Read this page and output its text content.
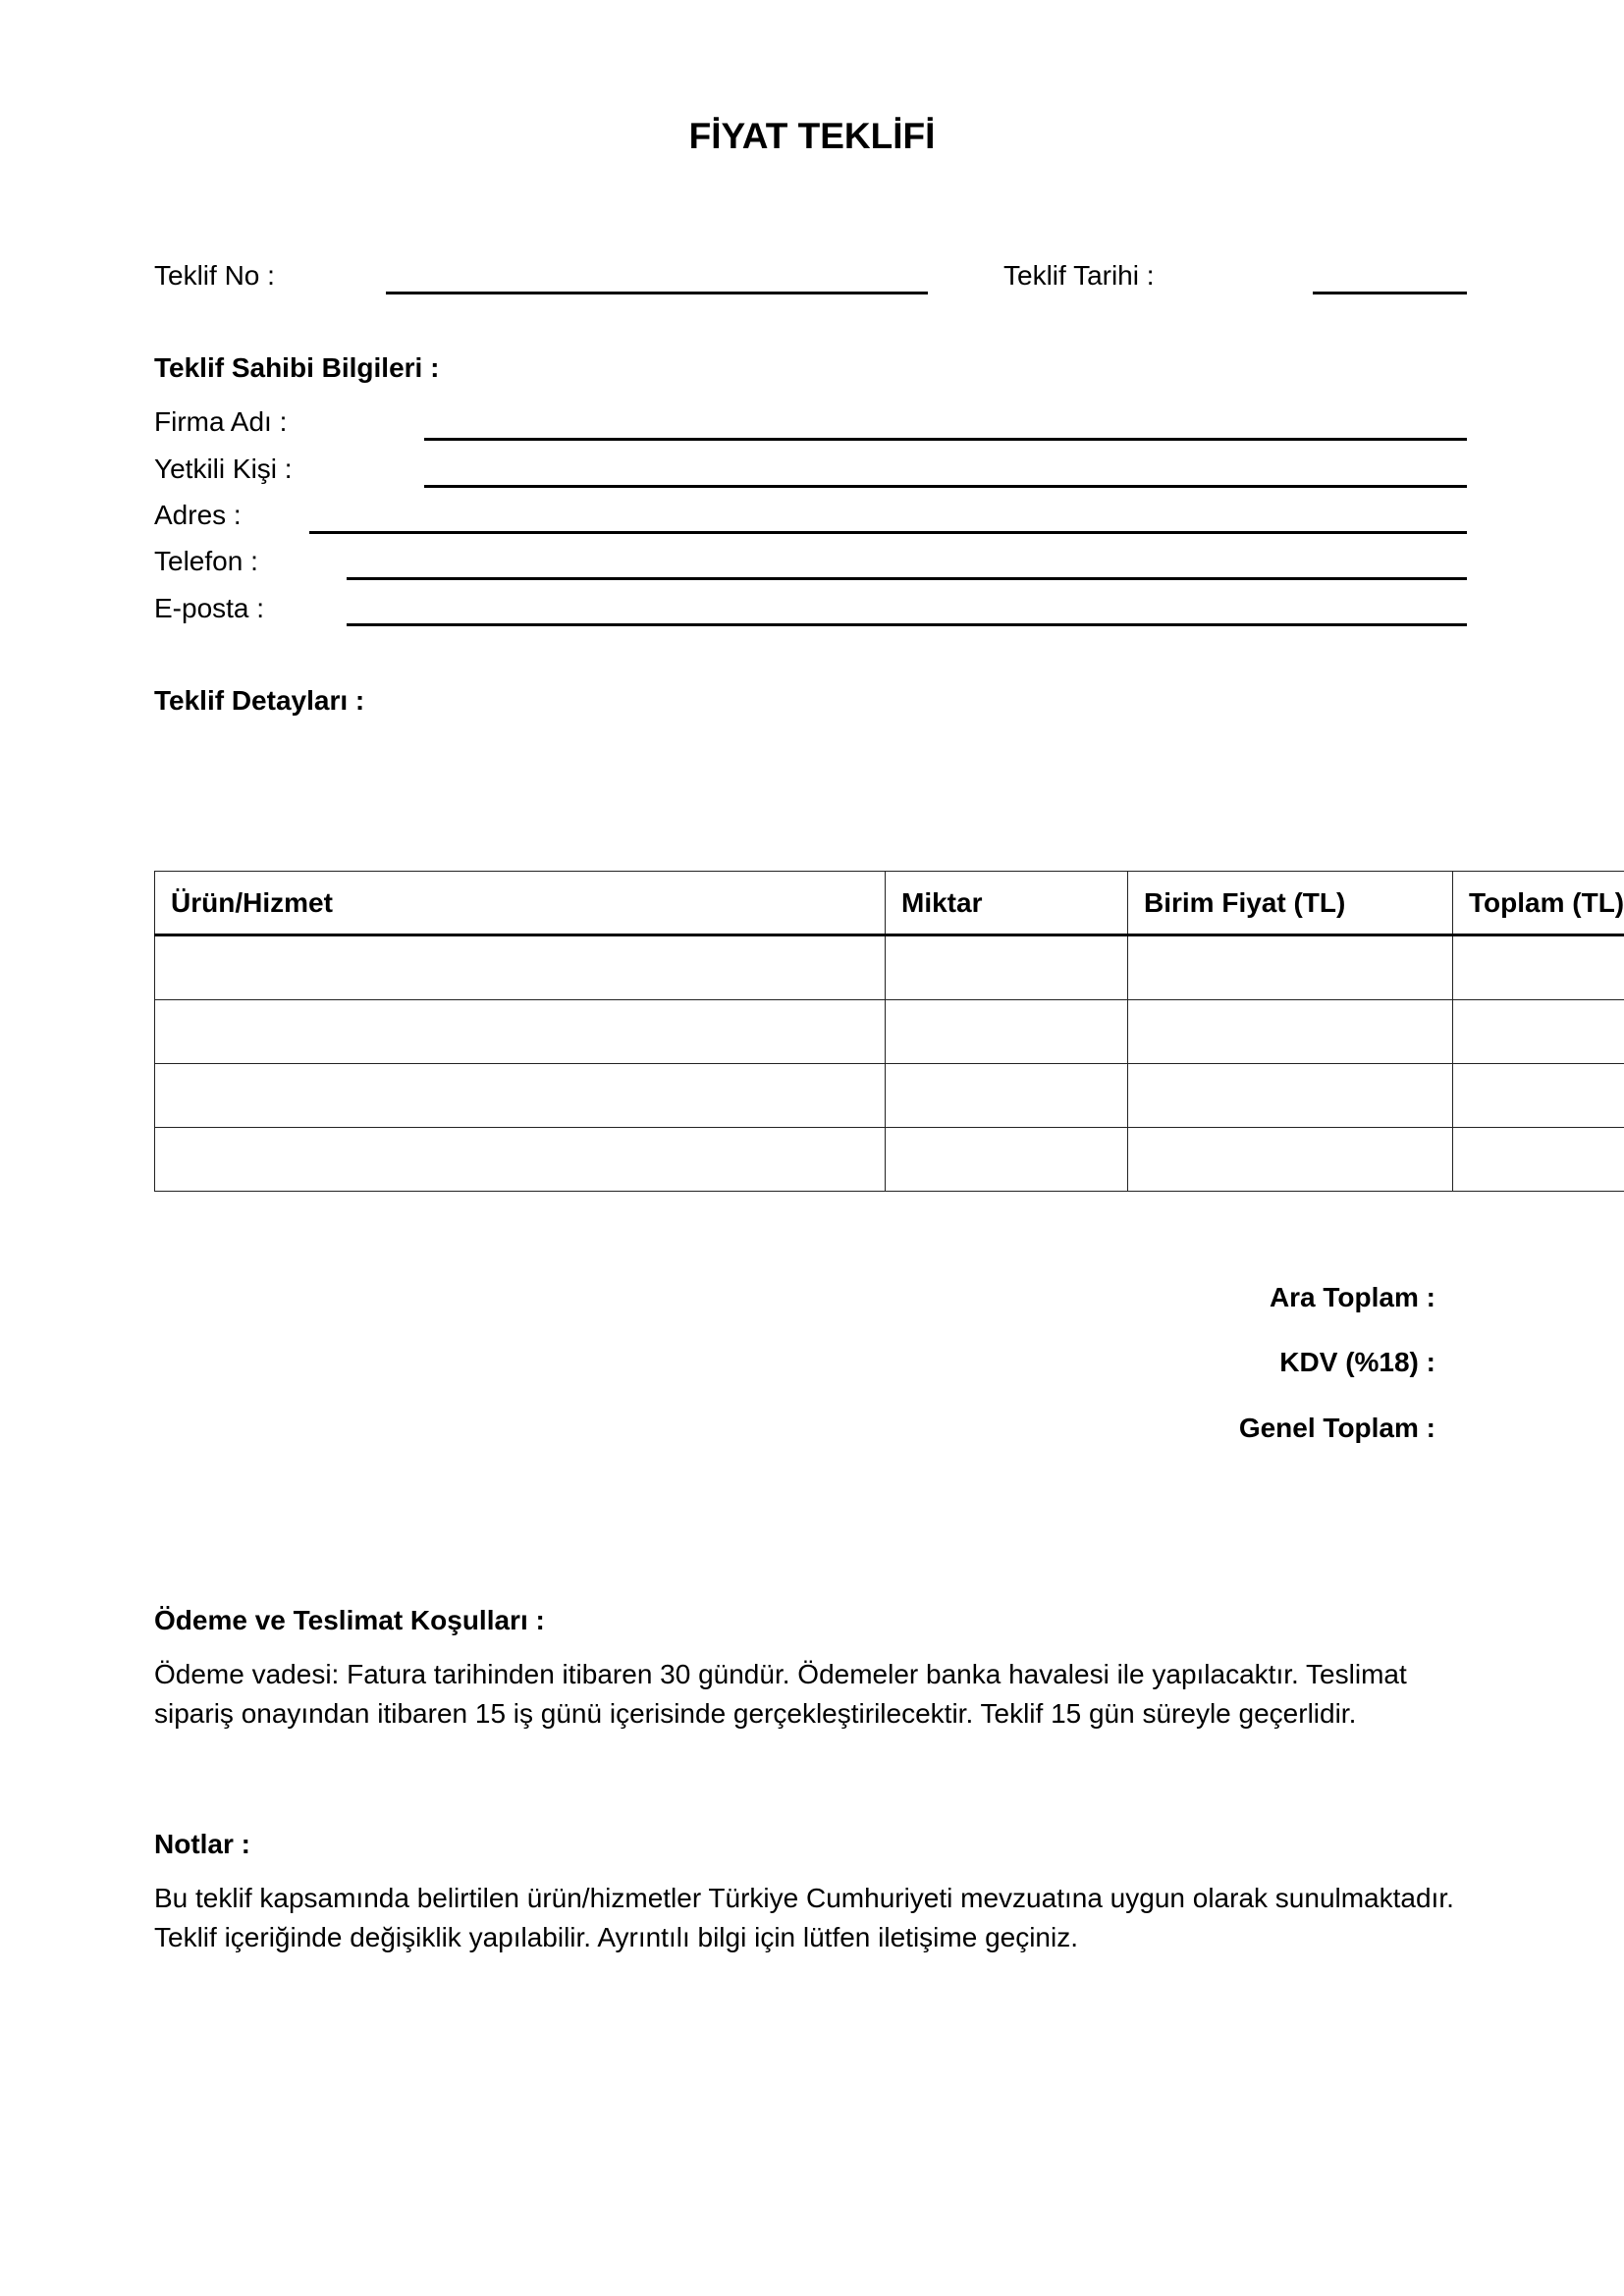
FİYAT TEKLİFİ
Teklif No :	Teklif Tarihi :
Teklif Sahibi Bilgileri :
Firma Adı :
Yetkili Kişi :
Adres :
Telefon :
E-posta :
Teklif Detayları :
Ürün/Hizmet	Miktar	Birim Fiyat (TL)	Toplam (TL)

Ara Toplam :
KDV (%18) :
Genel Toplam :
Ödeme ve Teslimat Koşulları :
Ödeme vadesi: Fatura tarihinden itibaren 30 gündür. Ödemeler banka havalesi ile yapılacaktır. Teslimat
sipariş onayından itibaren 15 iş günü içerisinde gerçekleştirilecektir. Teklif 15 gün süreyle geçerlidir.
Notlar :
Bu teklif kapsamında belirtilen ürün/hizmetler Türkiye Cumhuriyeti mevzuatına uygun olarak sunulmaktadır.
Teklif içeriğinde değişiklik yapılabilir. Ayrıntılı bilgi için lütfen iletişime geçiniz.
